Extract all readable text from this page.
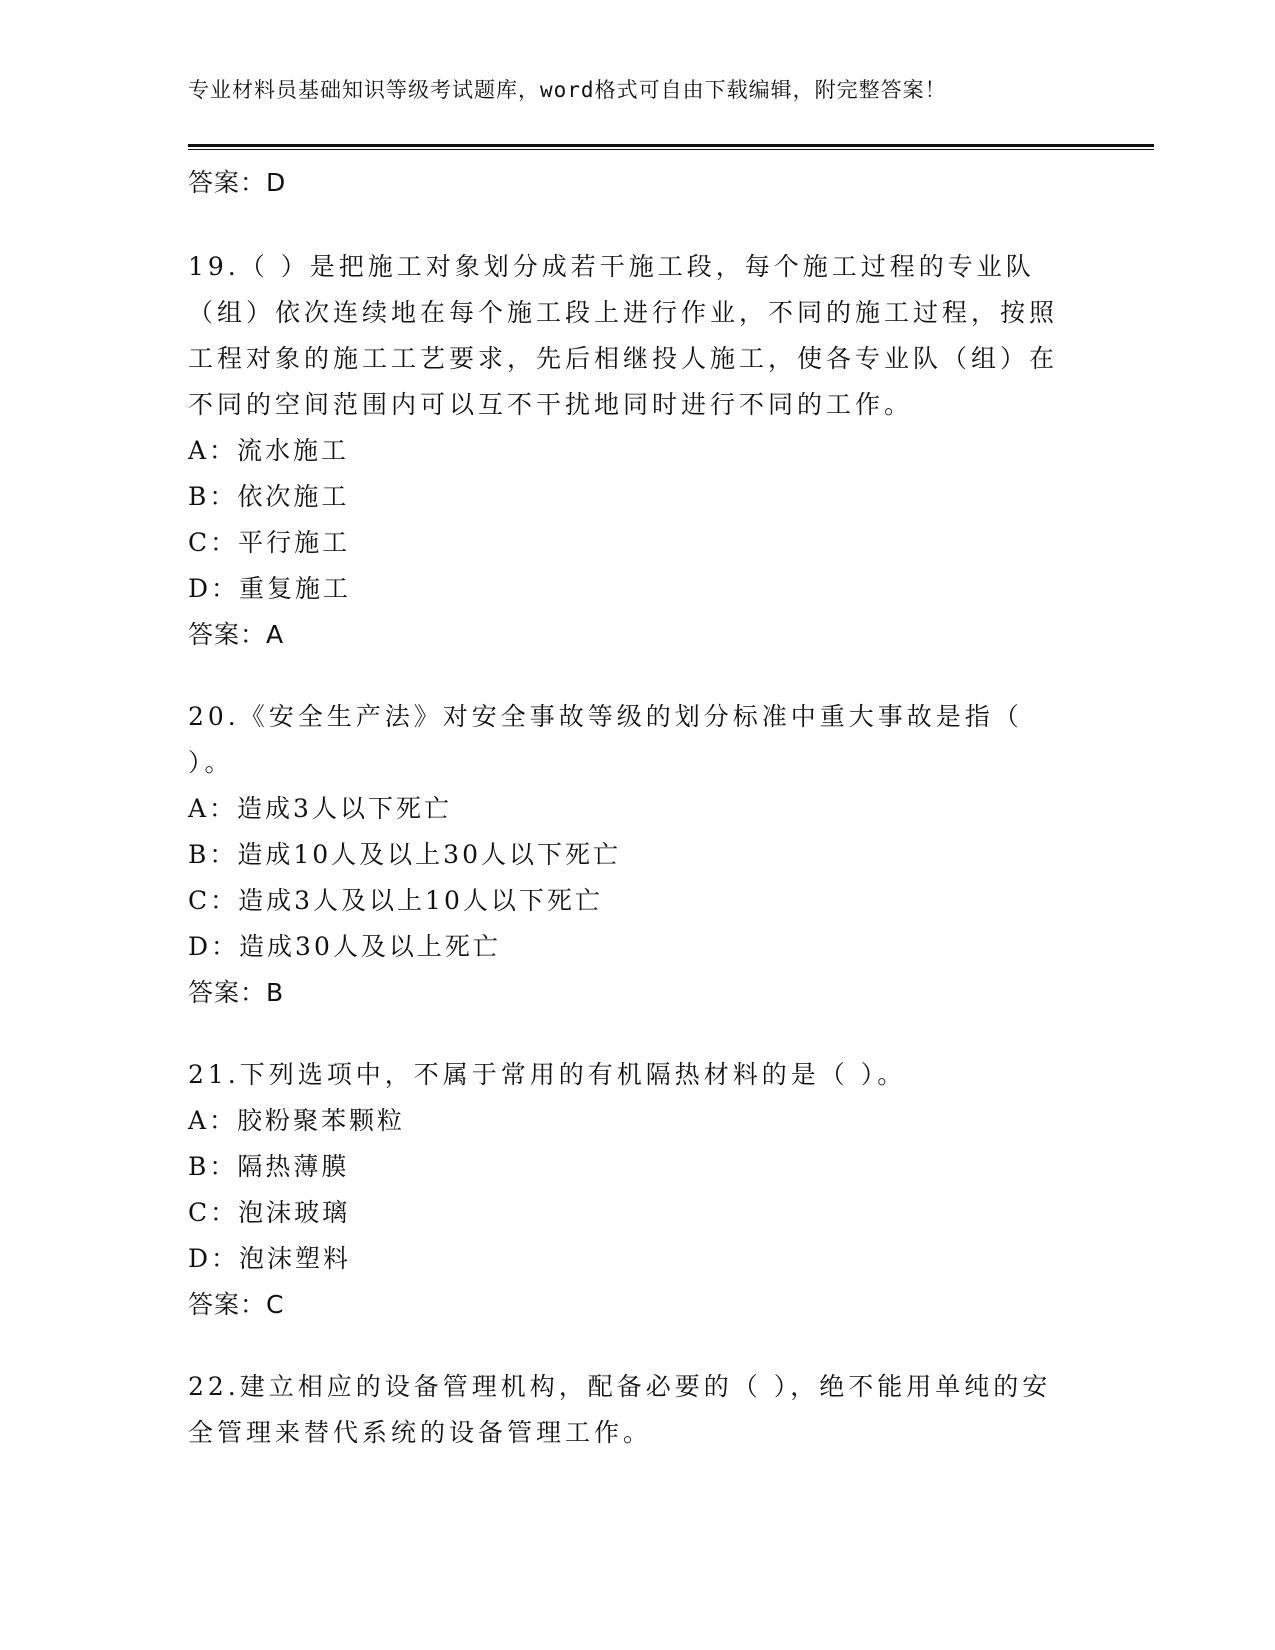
专业材料员基础知识等级考试题库，word格式可自由下载编辑，附完整答案！
答案：D
19.（ ）是把施工对象划分成若干施工段，每个施工过程的专业队（组）依次连续地在每个施工段上进行作业，不同的施工过程，按照工程对象的施工工艺要求，先后相继投人施工，使各专业队（组）在不同的空间范围内可以互不干扰地同时进行不同的工作。
A：流水施工
B：依次施工
C：平行施工
D：重复施工
答案：A
20.《安全生产法》对安全事故等级的划分标准中重大事故是指（ ）。
A：造成3人以下死亡
B：造成10人及以上30人以下死亡
C：造成3人及以上10人以下死亡
D：造成30人及以上死亡
答案：B
21.下列选项中，不属于常用的有机隔热材料的是（ ）。
A：胶粉聚苯颗粒
B：隔热薄膜
C：泡沫玻璃
D：泡沫塑料
答案：C
22.建立相应的设备管理机构，配备必要的（ ），绝不能用单纯的安全管理来替代系统的设备管理工作。
